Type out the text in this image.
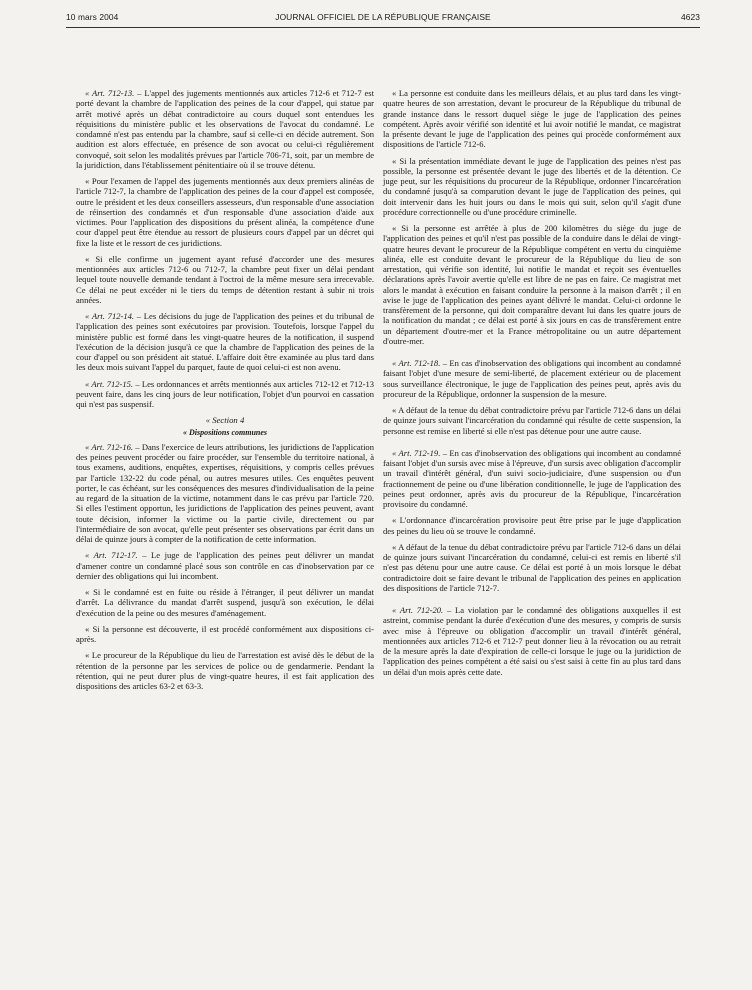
10 mars 2004	JOURNAL OFFICIEL DE LA RÉPUBLIQUE FRANÇAISE	4623

« Art. 712-13. – L'appel des jugements mentionnés aux articles 712-6 et 712-7 est porté devant la chambre de l'application des peines de la cour d'appel, qui statue par arrêt motivé après un débat contradictoire au cours duquel sont entendues les réquisitions du ministère public et les observations de l'avocat du condamné. Le condamné n'est pas entendu par la chambre, sauf si celle-ci en décide autrement. Son audition est alors effectuée, en présence de son avocat ou celui-ci régulièrement convoqué, soit selon les modalités prévues par l'article 706-71, soit, par un membre de la juridiction, dans l'établissement pénitentiaire où il se trouve détenu.

« Pour l'examen de l'appel des jugements mentionnés aux deux premiers alinéas de l'article 712-7, la chambre de l'application des peines de la cour d'appel est composée, outre le président et les deux conseillers assesseurs, d'un responsable d'une association de réinsertion des condamnés et d'un responsable d'une association d'aide aux victimes. Pour l'application des dispositions du présent alinéa, la compétence d'une cour d'appel peut être étendue au ressort de plusieurs cours d'appel par un décret qui fixe la liste et le ressort de ces juridictions.

« Si elle confirme un jugement ayant refusé d'accorder une des mesures mentionnées aux articles 712-6 ou 712-7, la chambre peut fixer un délai pendant lequel toute nouvelle demande tendant à l'octroi de la même mesure sera irrecevable. Ce délai ne peut excéder ni le tiers du temps de détention restant à subir ni trois années.

« Art. 712-14. – Les décisions du juge de l'application des peines et du tribunal de l'application des peines sont exécutoires par provision. Toutefois, lorsque l'appel du ministère public est formé dans les vingt-quatre heures de la notification, il suspend l'exécution de la décision jusqu'à ce que la chambre de l'application des peines de la cour d'appel ou son président ait statué. L'affaire doit être examinée au plus tard dans les deux mois suivant l'appel du parquet, faute de quoi celui-ci est non avenu.

« Art. 712-15. – Les ordonnances et arrêts mentionnés aux articles 712-12 et 712-13 peuvent faire, dans les cinq jours de leur notification, l'objet d'un pourvoi en cassation qui n'est pas suspensif.

« Section 4
« Dispositions communes

« Art. 712-16. – Dans l'exercice de leurs attributions, les juridictions de l'application des peines peuvent procéder ou faire procéder, sur l'ensemble du territoire national, à tous examens, auditions, enquêtes, expertises, réquisitions, y compris celles prévues par l'article 132-22 du code pénal, ou autres mesures utiles. Ces enquêtes peuvent porter, le cas échéant, sur les conséquences des mesures d'individualisation de la peine au regard de la situation de la victime, notamment dans le cas prévu par l'article 720. Si elles l'estiment opportun, les juridictions de l'application des peines peuvent, avant toute décision, informer la victime ou la partie civile, directement ou par l'intermédiaire de son avocat, qu'elle peut présenter ses observations par écrit dans un délai de quinze jours à compter de la notification de cette information.

« Art. 712-17. – Le juge de l'application des peines peut délivrer un mandat d'amener contre un condamné placé sous son contrôle en cas d'inobservation par ce dernier des obligations qui lui incombent.

« Si le condamné est en fuite ou réside à l'étranger, il peut délivrer un mandat d'arrêt. La délivrance du mandat d'arrêt suspend, jusqu'à son exécution, le délai d'exécution de la peine ou des mesures d'aménagement.

« Si la personne est découverte, il est procédé conformément aux dispositions ci-après.

« Le procureur de la République du lieu de l'arrestation est avisé dès le début de la rétention de la personne par les services de police ou de gendarmerie. Pendant la rétention, qui ne peut durer plus de vingt-quatre heures, il est fait application des dispositions des articles 63-2 et 63-3.

« La personne est conduite dans les meilleurs délais, et au plus tard dans les vingt-quatre heures de son arrestation, devant le procureur de la République du tribunal de grande instance dans le ressort duquel siège le juge de l'application des peines compétent. Après avoir vérifié son identité et lui avoir notifié le mandat, ce magistrat la présente devant le juge de l'application des peines qui procède conformément aux dispositions de l'article 712-6.

« Si la présentation immédiate devant le juge de l'application des peines n'est pas possible, la personne est présentée devant le juge des libertés et de la détention. Ce juge peut, sur les réquisitions du procureur de la République, ordonner l'incarcération du condamné jusqu'à sa comparution devant le juge de l'application des peines, qui doit intervenir dans les huit jours ou dans le mois qui suit, selon qu'il s'agit d'une procédure correctionnelle ou d'une procédure criminelle.

« Si la personne est arrêtée à plus de 200 kilomètres du siège du juge de l'application des peines et qu'il n'est pas possible de la conduire dans le délai de vingt-quatre heures devant le procureur de la République compétent en vertu du cinquième alinéa, elle est conduite devant le procureur de la République du lieu de son arrestation, qui vérifie son identité, lui notifie le mandat et reçoit ses éventuelles déclarations après l'avoir avertie qu'elle est libre de ne pas en faire. Ce magistrat met alors le mandat à exécution en faisant conduire la personne à la maison d'arrêt ; il en avise le juge de l'application des peines ayant délivré le mandat. Celui-ci ordonne le transfèrement de la personne, qui doit comparaître devant lui dans les quatre jours de la notification du mandat ; ce délai est porté à six jours en cas de transfèrement entre un département d'outre-mer et la France métropolitaine ou un autre département d'outre-mer.

« Art. 712-18. – En cas d'inobservation des obligations qui incombent au condamné faisant l'objet d'une mesure de semi-liberté, de placement extérieur ou de placement sous surveillance électronique, le juge de l'application des peines peut, après avis du procureur de la République, ordonner la suspension de la mesure.

« A défaut de la tenue du débat contradictoire prévu par l'article 712-6 dans un délai de quinze jours suivant l'incarcération du condamné qui résulte de cette suspension, la personne est remise en liberté si elle n'est pas détenue pour une autre cause.

« Art. 712-19. – En cas d'inobservation des obligations qui incombent au condamné faisant l'objet d'un sursis avec mise à l'épreuve, d'un sursis avec obligation d'accomplir un travail d'intérêt général, d'un suivi socio-judiciaire, d'une suspension ou d'un fractionnement de peine ou d'une libération conditionnelle, le juge de l'application des peines peut ordonner, après avis du procureur de la République, l'incarcération provisoire du condamné.

« L'ordonnance d'incarcération provisoire peut être prise par le juge d'application des peines du lieu où se trouve le condamné.

« A défaut de la tenue du débat contradictoire prévu par l'article 712-6 dans un délai de quinze jours suivant l'incarcération du condamné, celui-ci est remis en liberté s'il n'est pas détenu pour une autre cause. Ce délai est porté à un mois lorsque le débat contradictoire doit se faire devant le tribunal de l'application des peines en application des dispositions de l'article 712-7.

« Art. 712-20. – La violation par le condamné des obligations auxquelles il est astreint, commise pendant la durée d'exécution d'une des mesures, y compris de sursis avec mise à l'épreuve ou obligation d'accomplir un travail d'intérêt général, mentionnées aux articles 712-6 et 712-7 peut donner lieu à la révocation ou au retrait de la mesure après la date d'expiration de celle-ci lorsque le juge ou la juridiction de l'application des peines compétent a été saisi ou s'est saisi à cette fin au plus tard dans un délai d'un mois après cette date.
